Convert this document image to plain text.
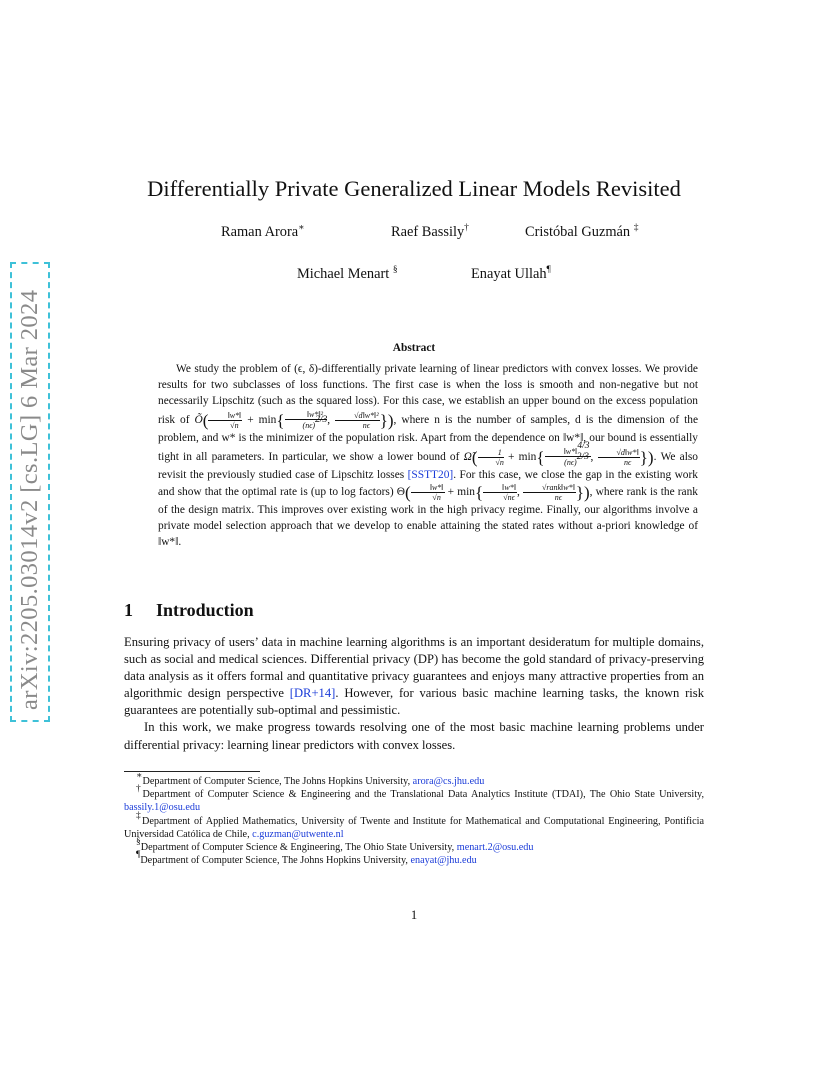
arXiv:2205.03014v2 [cs.LG] 6 Mar 2024
Differentially Private Generalized Linear Models Revisited
Raman Arora∗	Raef Bassily†	Cristóbal Guzmán ‡
Michael Menart §	Enayat Ullah¶
Abstract

We study the problem of (ϵ, δ)-differentially private learning of linear predictors with convex losses. We provide results for two subclasses of loss functions. The first case is when the loss is smooth and non-negative but not necessarily Lipschitz (such as the squared loss). For this case, we establish an upper bound on the excess population risk of Õ( $\frac{‖w*‖}{√n} + \min\{ \frac{\text{‖w*‖²}}{(n\epsilon)^{2/3}}$ , $\frac{\text{√d‖w*‖²}}{n\epsilon}$ }), where n is the number of samples, d is the dimension of the problem, and w* is the minimizer of the population risk. Apart from the dependence on ‖w*‖, our bound is essentially tight in all parameters. In particular, we show a lower bound of Ω̃( $\frac{1}{√n} + \min\{ \frac{‖w*‖^{4/3}}{(n\epsilon)^{2/3}}$ , $\frac{√d‖w*‖}{n\epsilon}$ }). We also revisit the previously studied case of Lipschitz losses [SSTT20]. For this case, we close the gap in the existing work and show that the optimal rate is (up to log factors) $\Theta( \frac{‖w*‖}{√n} + \min\{ \frac{‖w*‖}{√n\epsilon}$ , $\frac{\text{√rank‖w*‖}}{n\epsilon}$ }), where rank is the rank of the design matrix. This improves over existing work in the high privacy regime. Finally, our algorithms involve a private model selection approach that we develop to enable attaining the stated rates without a-priori knowledge of ‖w*‖.

1 Introduction

Ensuring privacy of users’ data in machine learning algorithms is an important desideratum for multiple domains, such as social and medical sciences. Differential privacy (DP) has become the gold standard of privacy-preserving data analysis as it offers formal and quantitative privacy guarantees and enjoys many attractive properties from an algorithmic design perspective [DR+14]. However, for various basic machine learning tasks, the known risk guarantees are potentially sub-optimal and pessimistic.

In this work, we make progress towards resolving one of the most basic machine learning problems under differential privacy: learning linear predictors with convex losses.

∗Department of Computer Science, The Johns Hopkins University, arora@cs.jhu.edu

†Department of Computer Science & Engineering and the Translational Data Analytics Institute (TDAI), The Ohio State University, bassily.1@osu.edu

‡Department of Applied Mathematics, University of Twente and Institute for Mathematical and Computational Engineering, Pontificia Universidad Católica de Chile, c.guzman@utwente.nl

§Department of Computer Science & Engineering, The Ohio State University, menart.2@osu.edu

¶Department of Computer Science, The Johns Hopkins University, enayat@jhu.edu

1
